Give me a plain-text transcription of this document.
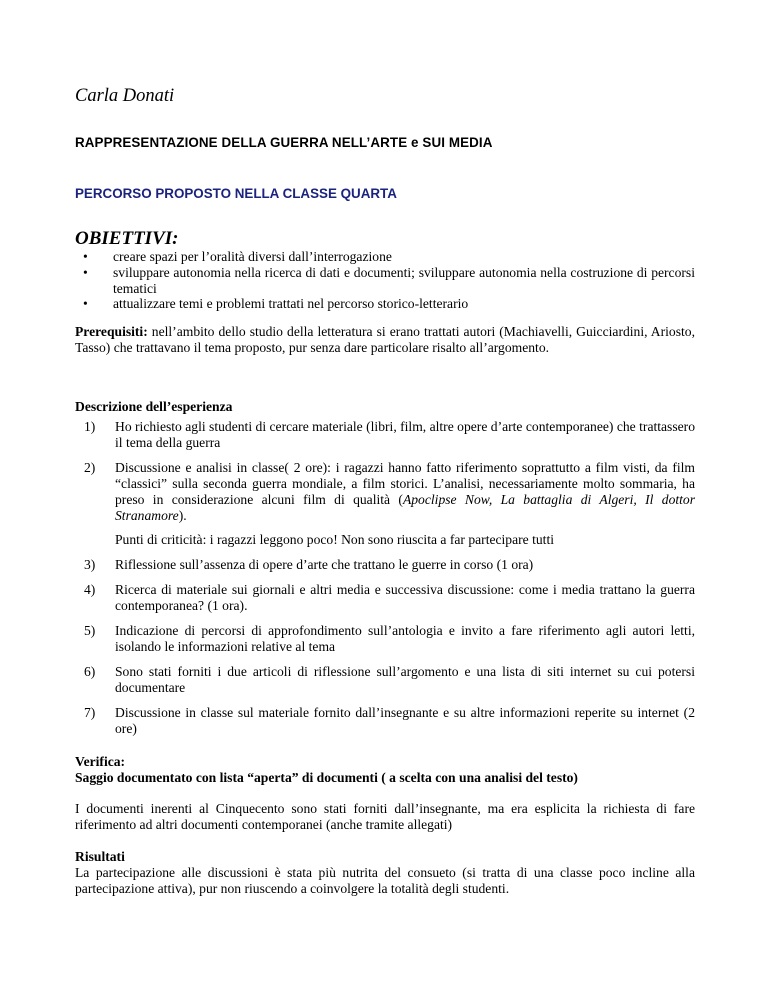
Carla Donati
RAPPRESENTAZIONE DELLA GUERRA NELL’ARTE e SUI MEDIA
PERCORSO PROPOSTO NELLA CLASSE QUARTA
OBIETTIVI:
• creare spazi per l’oralità diversi dall’interrogazione
• sviluppare autonomia nella ricerca di dati e documenti; sviluppare autonomia nella costruzione di percorsi tematici
• attualizzare temi e problemi trattati nel percorso storico-letterario

Prerequisiti: nell’ambito dello studio della letteratura si erano trattati autori (Machiavelli, Guicciardini, Ariosto, Tasso) che trattavano il tema proposto, pur senza dare particolare risalto all’argomento.

Descrizione dell’esperienza
1) Ho richiesto agli studenti di cercare materiale (libri, film, altre opere d’arte contemporanee) che trattassero il tema della guerra
2) Discussione e analisi in classe( 2 ore): i ragazzi hanno fatto riferimento soprattutto a film visti, da film “classici” sulla seconda guerra mondiale, a film storici. L’analisi, necessariamente molto sommaria, ha preso in considerazione alcuni film di qualità (Apoclipse Now, La battaglia di Algeri, Il dottor Stranamore).
Punti di criticità: i ragazzi leggono poco! Non sono riuscita a far partecipare tutti
3) Riflessione sull’assenza di opere d’arte che trattano le guerre in corso (1 ora)
4) Ricerca di materiale sui giornali e altri media e successiva discussione: come i media trattano la guerra contemporanea? (1 ora).
5) Indicazione di percorsi di approfondimento sull’antologia e invito a fare riferimento agli autori letti, isolando le informazioni relative al tema
6) Sono stati forniti i due articoli di riflessione sull’argomento e una lista di siti internet su cui potersi documentare
7) Discussione in classe sul materiale fornito dall’insegnante e su altre informazioni reperite su internet (2 ore)
Verifica:
Saggio documentato con lista “aperta” di documenti ( a scelta con una analisi del testo)

I documenti inerenti al Cinquecento sono stati forniti dall’insegnante, ma era esplicita la richiesta di fare riferimento ad altri documenti contemporanei (anche tramite allegati)

Risultati

La partecipazione alle discussioni è stata più nutrita del consueto (si tratta di una classe poco incline alla partecipazione attiva), pur non riuscendo a coinvolgere la totalità degli studenti.
